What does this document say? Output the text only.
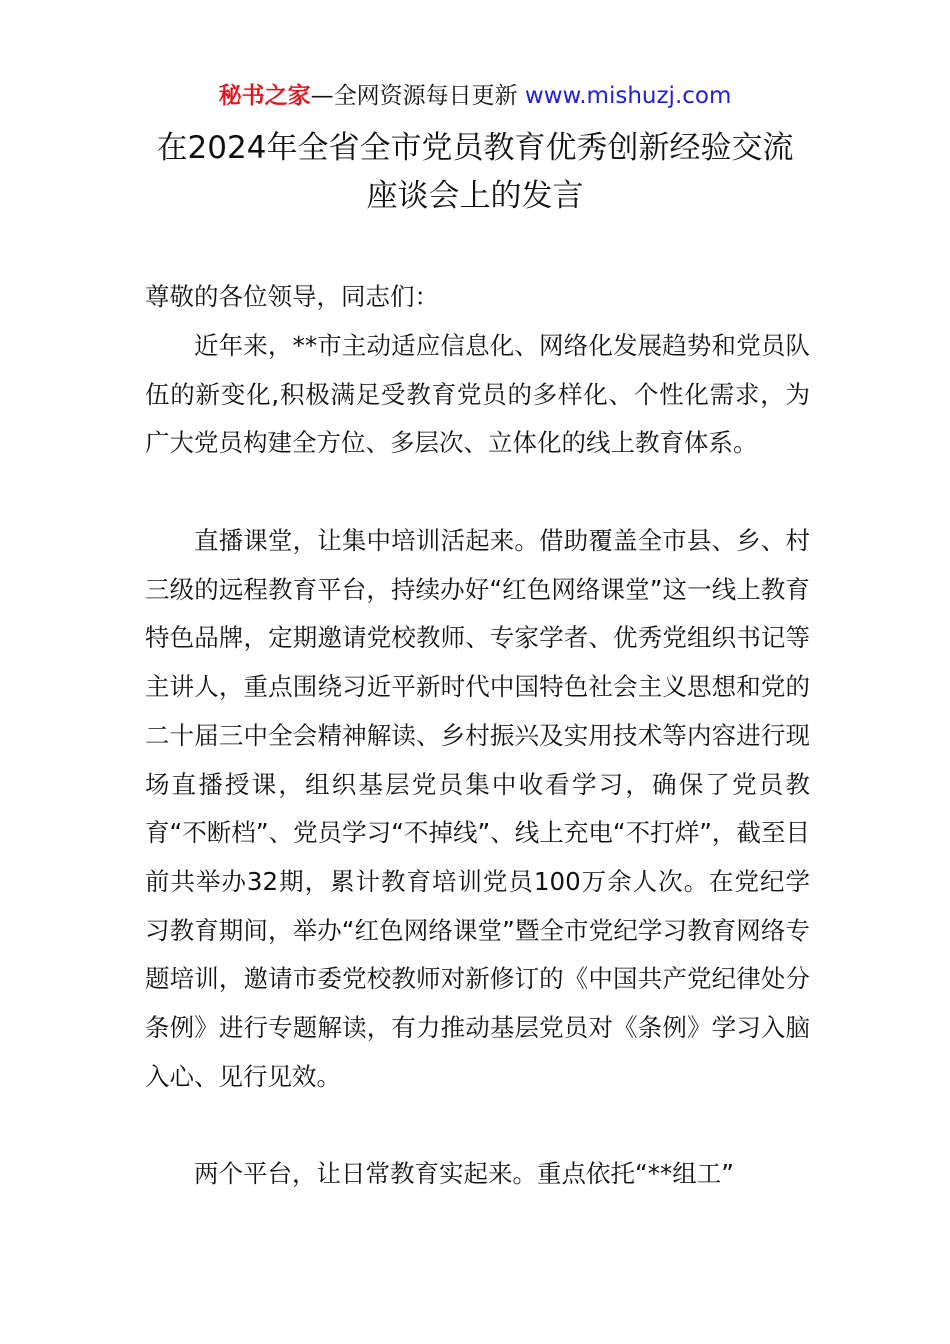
秘书之家—全网资源每日更新 www.mishuzj.com
在2024年全省全市党员教育优秀创新经验交流
座谈会上的发言

尊敬的各位领导，同志们：

近年来，**市主动适应信息化、网络化发展趋势和党员队伍的新变化,积极满足受教育党员的多样化、个性化需求，为广大党员构建全方位、多层次、立体化的线上教育体系。

直播课堂，让集中培训活起来。借助覆盖全市县、乡、村三级的远程教育平台，持续办好“红色网络课堂”这一线上教育特色品牌，定期邀请党校教师、专家学者、优秀党组织书记等主讲人，重点围绕习近平新时代中国特色社会主义思想和党的二十届三中全会精神解读、乡村振兴及实用技术等内容进行现场直播授课，组织基层党员集中收看学习，确保了党员教育“不断档”、党员学习“不掉线”、线上充电“不打烊”，截至目前共举办32期，累计教育培训党员100万余人次。在党纪学习教育期间，举办“红色网络课堂”暨全市党纪学习教育网络专题培训，邀请市委党校教师对新修订的《中国共产党纪律处分条例》进行专题解读，有力推动基层党员对《条例》学习入脑入心、见行见效。

两个平台，让日常教育实起来。重点依托“**组工”
